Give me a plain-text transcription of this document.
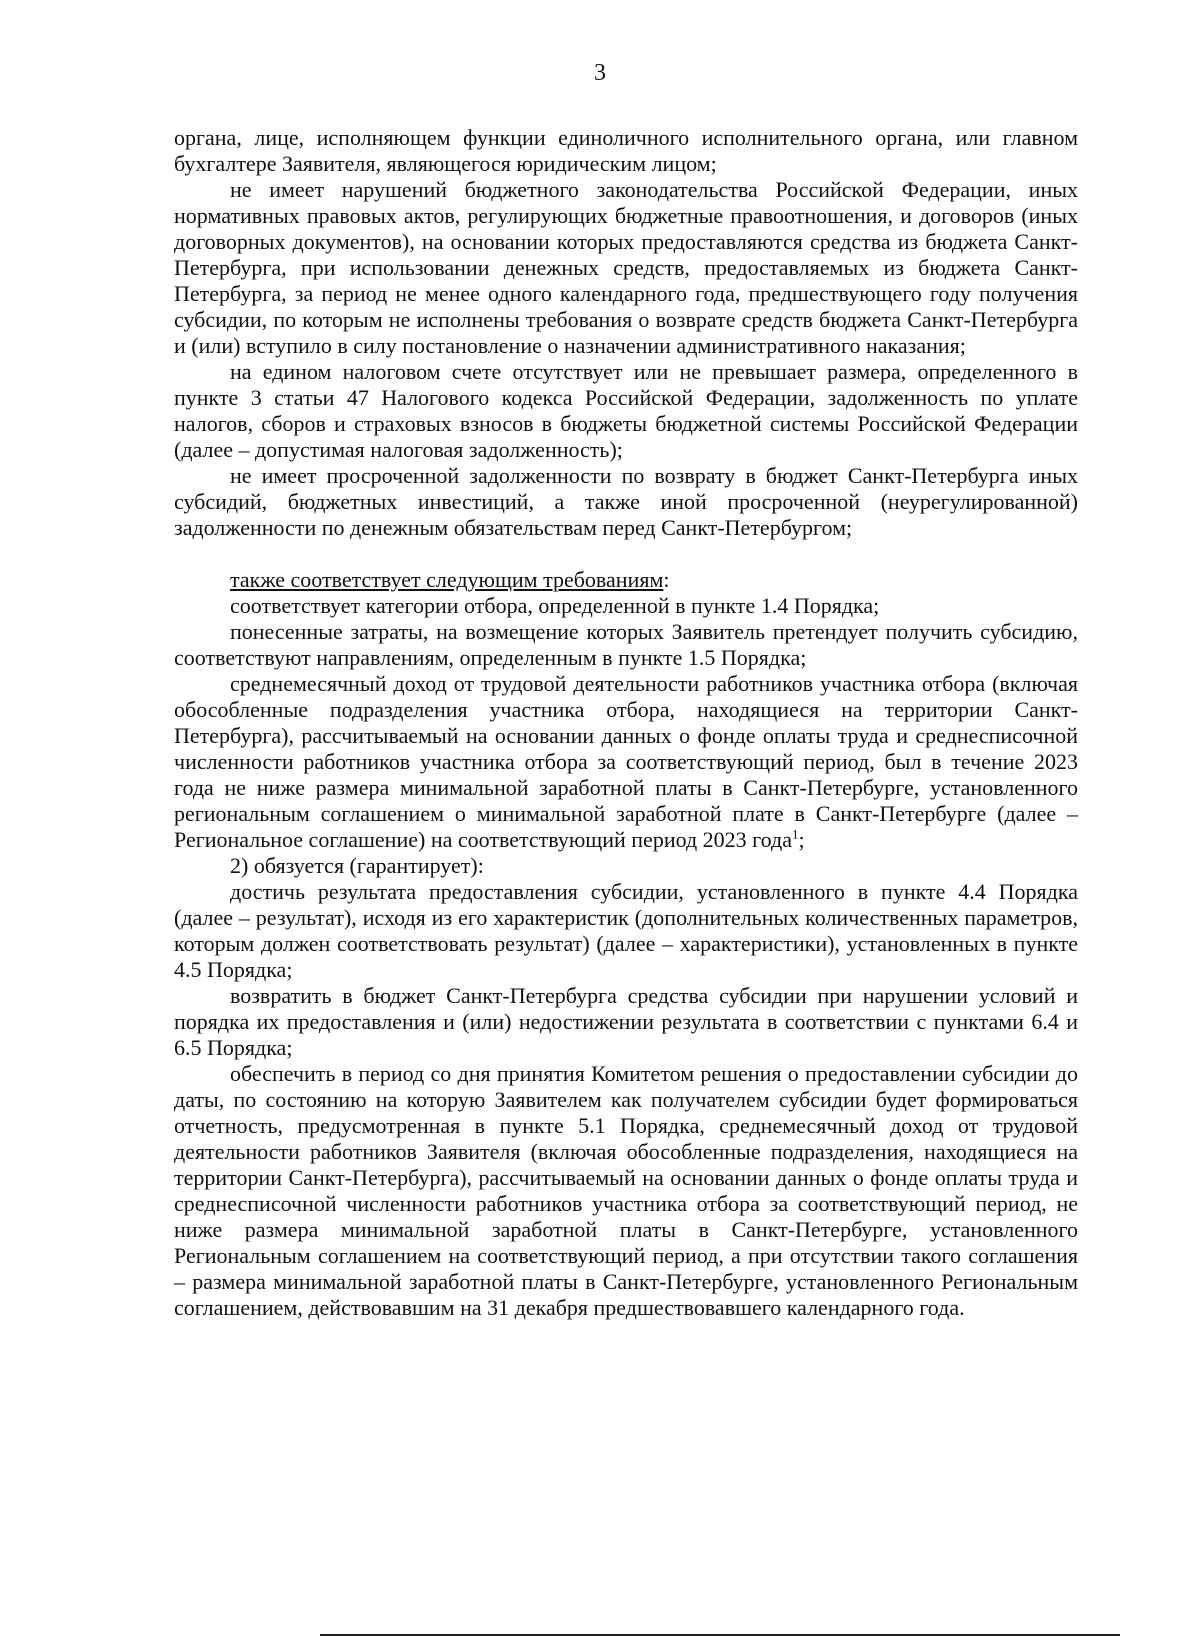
3

органа, лице, исполняющем функции единоличного исполнительного органа, или главном бухгалтере Заявителя, являющегося юридическим лицом;

не имеет нарушений бюджетного законодательства Российской Федерации, иных нормативных правовых актов, регулирующих бюджетные правоотношения, и договоров (иных договорных документов), на основании которых предоставляются средства из бюджета Санкт-Петербурга, при использовании денежных средств, предоставляемых из бюджета Санкт-Петербурга, за период не менее одного календарного года, предшествующего году получения субсидии, по которым не исполнены требования о возврате средств бюджета Санкт-Петербурга и (или) вступило в силу постановление о назначении административного наказания;

на едином налоговом счете отсутствует или не превышает размера, определенного в пункте 3 статьи 47 Налогового кодекса Российской Федерации, задолженность по уплате налогов, сборов и страховых взносов в бюджеты бюджетной системы Российской Федерации (далее – допустимая налоговая задолженность);

не имеет просроченной задолженности по возврату в бюджет Санкт-Петербурга иных субсидий, бюджетных инвестиций, а также иной просроченной (неурегулированной) задолженности по денежным обязательствам перед Санкт-Петербургом;

также соответствует следующим требованиям:

соответствует категории отбора, определенной в пункте 1.4 Порядка;

понесенные затраты, на возмещение которых Заявитель претендует получить субсидию, соответствуют направлениям, определенным в пункте 1.5 Порядка;

среднемесячный доход от трудовой деятельности работников участника отбора (включая обособленные подразделения участника отбора, находящиеся на территории Санкт-Петербурга), рассчитываемый на основании данных о фонде оплаты труда и среднесписочной численности работников участника отбора за соответствующий период, был в течение 2023 года не ниже размера минимальной заработной платы в Санкт-Петербурге, установленного региональным соглашением о минимальной заработной плате в Санкт-Петербурге (далее – Региональное соглашение) на соответствующий период 2023 года$^1$;

2) обязуется (гарантирует):

достичь результата предоставления субсидии, установленного в пункте 4.4 Порядка (далее – результат), исходя из его характеристик (дополнительных количественных параметров, которым должен соответствовать результат) (далее – характеристики), установленных в пункте 4.5 Порядка;

возвратить в бюджет Санкт-Петербурга средства субсидии при нарушении условий и порядка их предоставления и (или) недостижении результата в соответствии с пунктами 6.4 и 6.5 Порядка;

обеспечить в период со дня принятия Комитетом решения о предоставлении субсидии до даты, по состоянию на которую Заявителем как получателем субсидии будет формироваться отчетность, предусмотренная в пункте 5.1 Порядка, среднемесячный доход от трудовой деятельности работников Заявителя (включая обособленные подразделения, находящиеся на территории Санкт-Петербурга), рассчитываемый на основании данных о фонде оплаты труда и среднесписочной численности работников участника отбора за соответствующий период, не ниже размера минимальной заработной платы в Санкт-Петербурге, установленного Региональным соглашением на соответствующий период, а при отсутствии такого соглашения – размера минимальной заработной платы в Санкт-Петербурге, установленного Региональным соглашением, действовавшим на 31 декабря предшествовавшего календарного года.
